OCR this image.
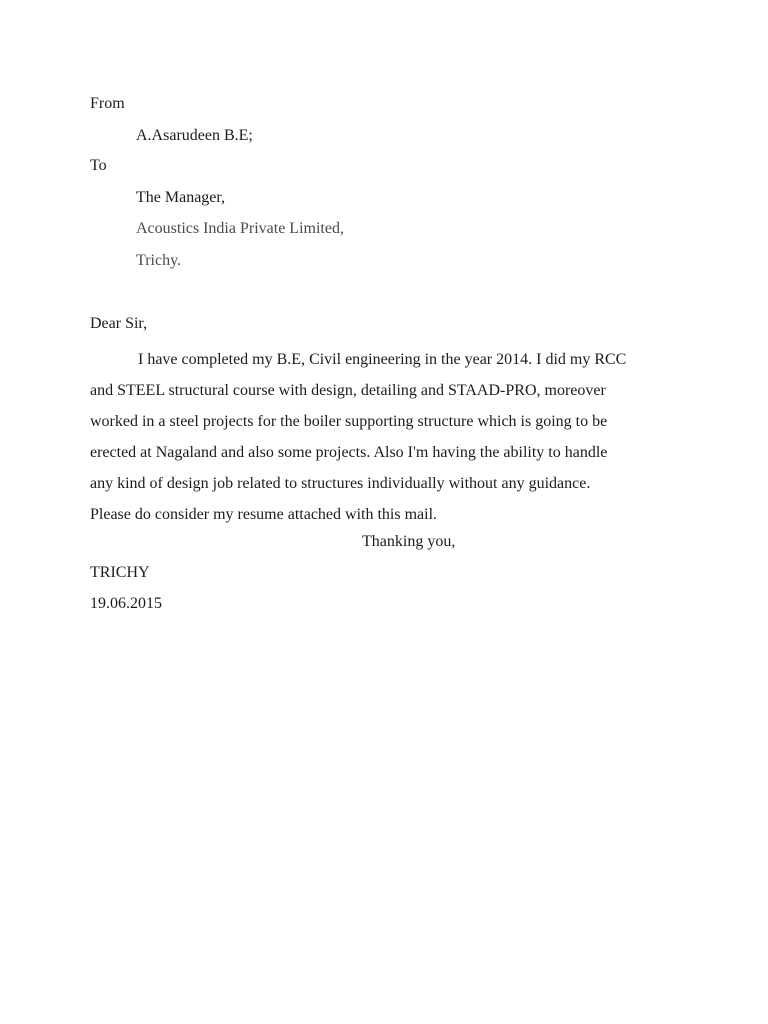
From
A.Asarudeen B.E;
To
The Manager,
Acoustics India Private Limited,
Trichy.
Dear Sir,
I have completed my B.E, Civil engineering in the year 2014. I did my RCC
and STEEL structural course with design, detailing and STAAD-PRO, moreover
worked in a steel projects for the boiler supporting structure which is going to be
erected at Nagaland and also some projects. Also I'm having the ability to handle
any kind of design job related to structures individually without any guidance.
Please do consider my resume attached with this mail.
Thanking you,
TRICHY
19.06.2015
